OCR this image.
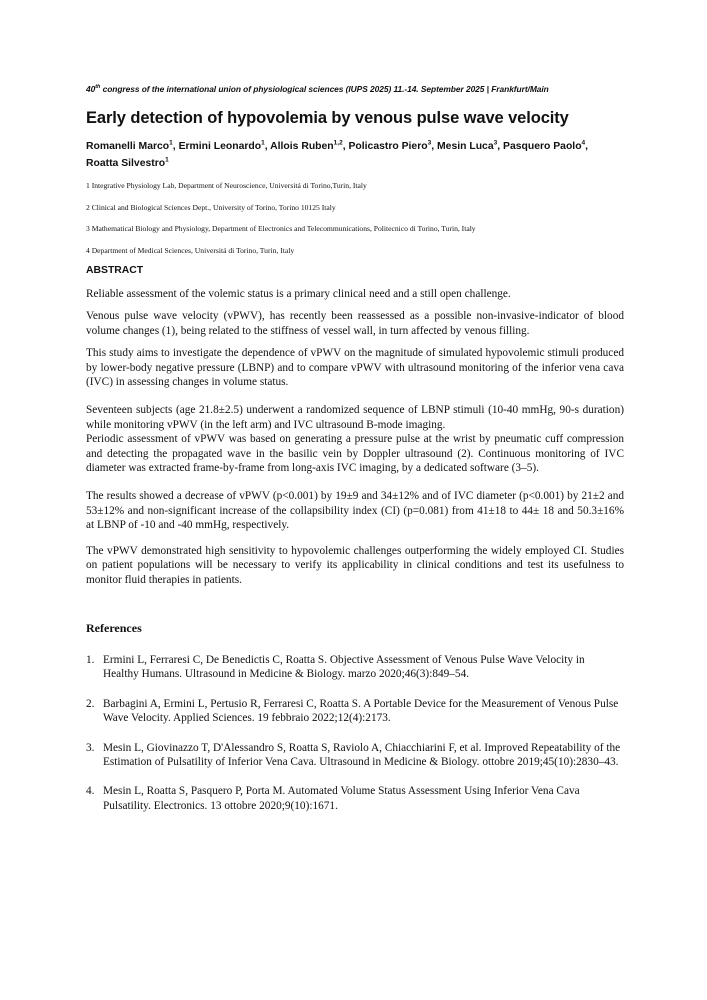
40th congress of the international union of physiological sciences (IUPS 2025) 11.-14. September 2025 | Frankfurt/Main
Early detection of hypovolemia by venous pulse wave velocity
Romanelli Marco$^1$, Ermini Leonardo$^1$, Allois Ruben$^{1,2}$, Policastro Piero$^3$, Mesin Luca$^3$, Pasquero Paolo$^4$, Roatta Silvestro$^1$
1 Integrative Physiology Lab, Department of Neuroscience, Universitá di Torino,Turin, Italy
2 Clinical and Biological Sciences Dept., University of Torino, Torino 10125 Italy
3 Mathematical Biology and Physiology, Department of Electronics and Telecommunications, Politecnico di Torino, Turin, Italy
4 Department of Medical Sciences, Universitá di Torino, Turin, Italy
ABSTRACT

Reliable assessment of the volemic status is a primary clinical need and a still open challenge.

Venous pulse wave velocity (vPWV), has recently been reassessed as a possible non-invasive-indicator of blood volume changes (1), being related to the stiffness of vessel wall, in turn affected by venous filling.

This study aims to investigate the dependence of vPWV on the magnitude of simulated hypovolemic stimuli produced by lower-body negative pressure (LBNP) and to compare vPWV with ultrasound monitoring of the inferior vena cava (IVC) in assessing changes in volume status.

Seventeen subjects (age 21.8±2.5) underwent a randomized sequence of LBNP stimuli (10-40 mmHg, 90-s duration) while monitoring vPWV (in the left arm) and IVC ultrasound B-mode imaging.

Periodic assessment of vPWV was based on generating a pressure pulse at the wrist by pneumatic cuff compression and detecting the propagated wave in the basilic vein by Doppler ultrasound (2). Continuous monitoring of IVC diameter was extracted frame-by-frame from long-axis IVC imaging, by a dedicated software (3–5).

The results showed a decrease of vPWV (p<0.001) by 19±9 and 34±12% and of IVC diameter (p<0.001) by 21±2 and 53±12% and non-significant increase of the collapsibility index (CI) (p=0.081) from 41±18 to 44± 18 and 50.3±16% at LBNP of -10 and -40 mmHg, respectively.

The vPWV demonstrated high sensitivity to hypovolemic challenges outperforming the widely employed CI. Studies on patient populations will be necessary to verify its applicability in clinical conditions and test its usefulness to monitor fluid therapies in patients.

References
1. Ermini L, Ferraresi C, De Benedictis C, Roatta S. Objective Assessment of Venous Pulse Wave Velocity in Healthy Humans. Ultrasound in Medicine & Biology. marzo 2020;46(3):849–54.
2. Barbagini A, Ermini L, Pertusio R, Ferraresi C, Roatta S. A Portable Device for the Measurement of Venous Pulse Wave Velocity. Applied Sciences. 19 febbraio 2022;12(4):2173.
3. Mesin L, Giovinazzo T, D'Alessandro S, Roatta S, Raviolo A, Chiacchiarini F, et al. Improved Repeatability of the Estimation of Pulsatility of Inferior Vena Cava. Ultrasound in Medicine & Biology. ottobre 2019;45(10):2830–43.
4. Mesin L, Roatta S, Pasquero P, Porta M. Automated Volume Status Assessment Using Inferior Vena Cava Pulsatility. Electronics. 13 ottobre 2020;9(10):1671.
